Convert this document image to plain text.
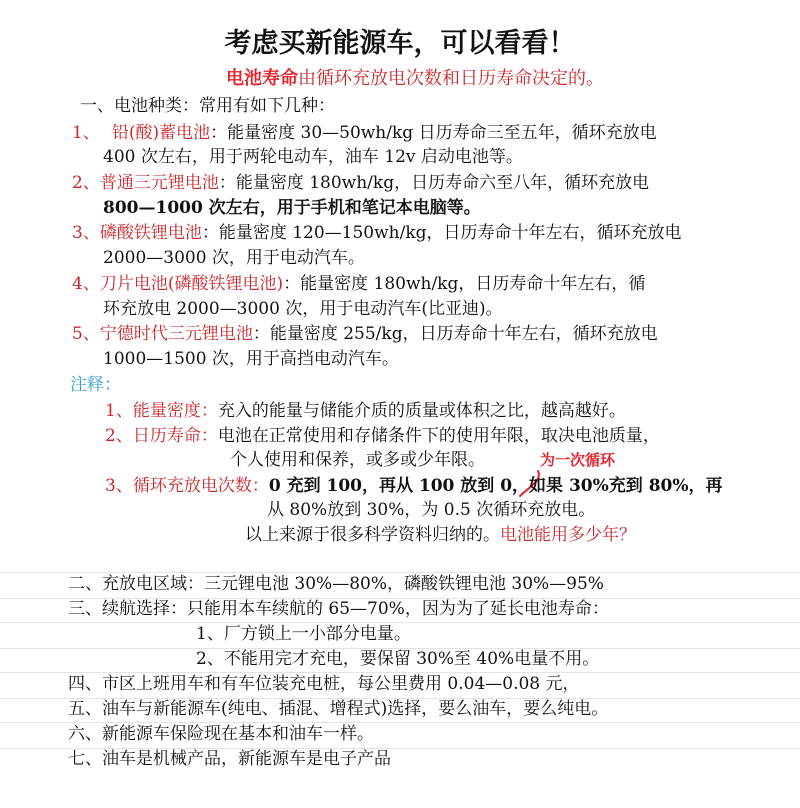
考虑买新能源车，可以看看！
电池寿命由循环充放电次数和日历寿命决定的。
一、电池种类：常用有如下几种：
1、 铅(酸)蓄电池：能量密度 30—50wh/kg 日历寿命三至五年，循环充放电
400 次左右，用于两轮电动车，油车 12v 启动电池等。
2、普通三元锂电池：能量密度 180wh/kg，日历寿命六至八年，循环充放电
800—1000 次左右，用于手机和笔记本电脑等。
3、磷酸铁锂电池：能量密度 120—150wh/kg，日历寿命十年左右，循环充放电
2000—3000 次，用于电动汽车。
4、刀片电池(磷酸铁锂电池)：能量密度 180wh/kg，日历寿命十年左右，循
环充放电 2000—3000 次，用于电动汽车(比亚迪)。
5、宁德时代三元锂电池：能量密度 255/kg，日历寿命十年左右，循环充放电
1000—1500 次，用于高挡电动汽车。
注释：
1、能量密度：充入的能量与储能介质的质量或体积之比，越高越好。
2、日历寿命：电池在正常使用和存储条件下的使用年限，取决电池质量，
个人使用和保养，或多或少年限。	为一次循环
3、循环充放电次数：0 充到 100，再从 100 放到 0，如果 30%充到 80%，再
从 80%放到 30%，为 0.5 次循环充放电。
以上来源于很多科学资料归纳的。电池能用多少年？
二、充放电区域：三元锂电池 30%—80%，磷酸铁锂电池 30%—95%
三、续航选择：只能用本车续航的 65—70%，因为为了延长电池寿命：
1、厂方锁上一小部分电量。
2、不能用完才充电，要保留 30%至 40%电量不用。
四、市区上班用车和有车位装充电桩，每公里费用 0.04—0.08 元，
五、油车与新能源车(纯电、插混、增程式)选择，要么油车，要么纯电。
六、新能源车保险现在基本和油车一样。
七、油车是机械产品，新能源车是电子产品
